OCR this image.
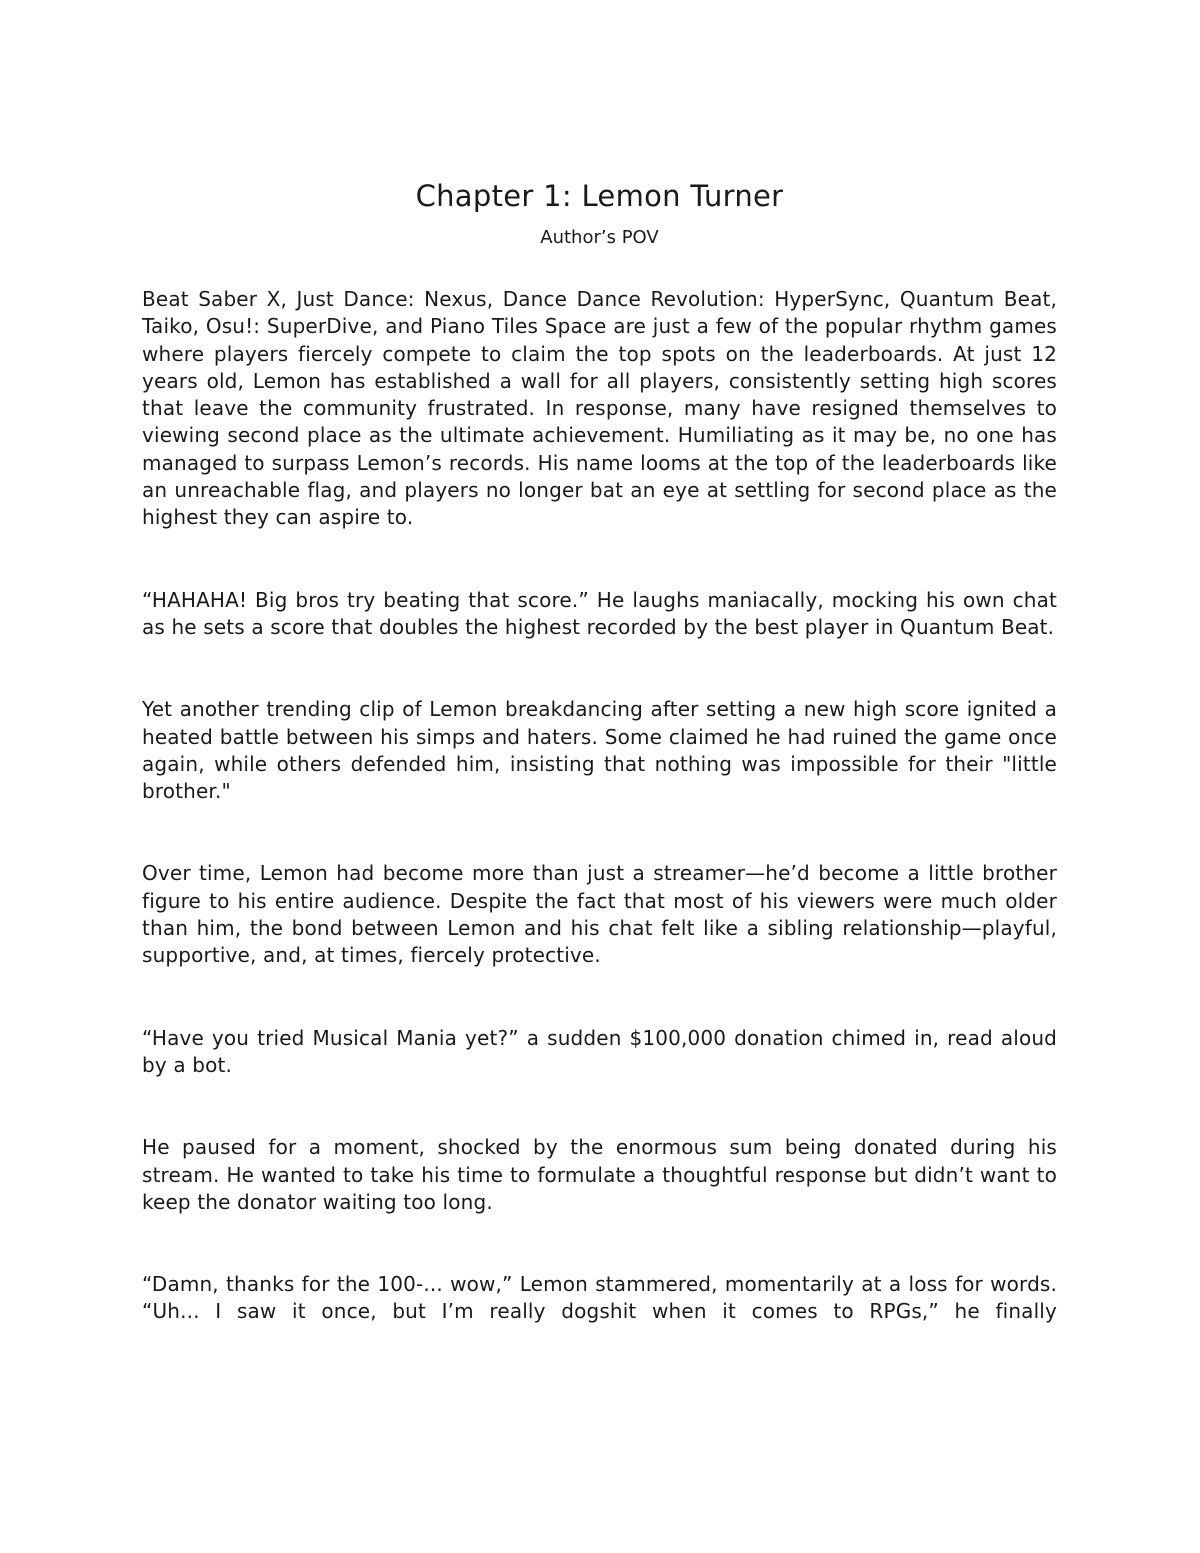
Chapter 1: Lemon Turner

Author’s POV

Beat Saber X, Just Dance: Nexus, Dance Dance Revolution: HyperSync, Quantum Beat, Taiko, Osu!: SuperDive, and Piano Tiles Space are just a few of the popular rhythm games where players fiercely compete to claim the top spots on the leaderboards. At just 12 years old, Lemon has established a wall for all players, consistently setting high scores that leave the community frustrated. In response, many have resigned themselves to viewing second place as the ultimate achievement. Humiliating as it may be, no one has managed to surpass Lemon’s records. His name looms at the top of the leaderboards like an unreachable flag, and players no longer bat an eye at settling for second place as the highest they can aspire to.

“HAHAHA! Big bros try beating that score.” He laughs maniacally, mocking his own chat as he sets a score that doubles the highest recorded by the best player in Quantum Beat.

Yet another trending clip of Lemon breakdancing after setting a new high score ignited a heated battle between his simps and haters. Some claimed he had ruined the game once again, while others defended him, insisting that nothing was impossible for their "little brother."

Over time, Lemon had become more than just a streamer—he’d become a little brother figure to his entire audience. Despite the fact that most of his viewers were much older than him, the bond between Lemon and his chat felt like a sibling relationship—playful, supportive, and, at times, fiercely protective.

“Have you tried Musical Mania yet?” a sudden $100,000 donation chimed in, read aloud by a bot.

He paused for a moment, shocked by the enormous sum being donated during his stream. He wanted to take his time to formulate a thoughtful response but didn’t want to keep the donator waiting too long.

“Damn, thanks for the 100-... wow,” Lemon stammered, momentarily at a loss for words. “Uh... I saw it once, but I’m really dogshit when it comes to RPGs,” he finally
